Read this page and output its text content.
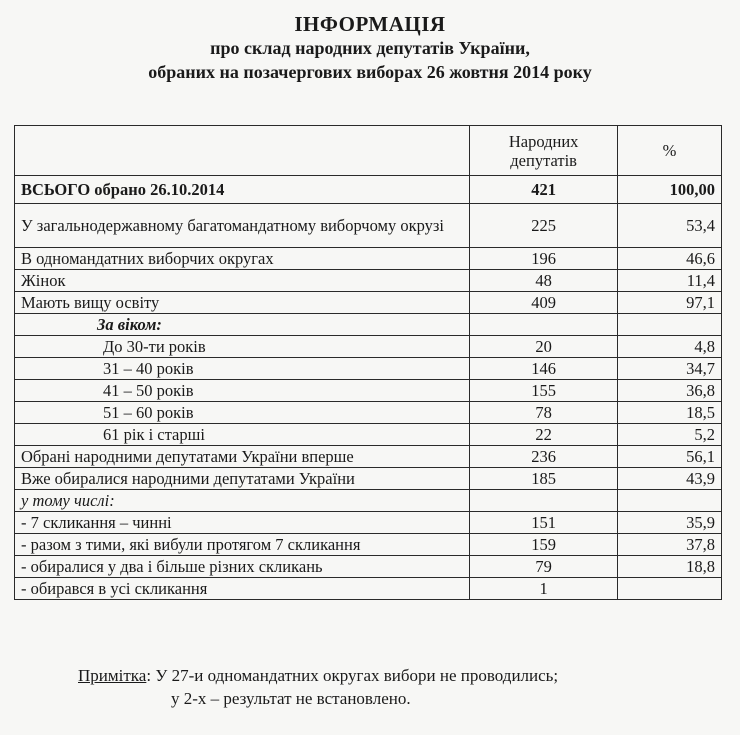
ІНФОРМАЦІЯ
про склад народних депутатів України,
обраних на позачергових виборах 26 жовтня 2014 року
	Народних депутатів	%
ВСЬОГО обрано 26.10.2014	421	100,00
У загальнодержавному багатомандатному виборчому окрузі	225	53,4
В одномандатних виборчих округах	196	46,6
Жінок	48	11,4
Мають вищу освіту	409	97,1
За віком:		
До 30-ти років	20	4,8
31 – 40 років	146	34,7
41 – 50 років	155	36,8
51 – 60 років	78	18,5
61 рік і старші	22	5,2
Обрані народними депутатами України вперше	236	56,1
Вже обиралися народними депутатами України	185	43,9
у тому числі:		
- 7 скликання – чинні	151	35,9
- разом з тими, які вибули протягом 7 скликання	159	37,8
- обиралися у два і більше різних скликань	79	18,8
- обирався в усі скликання	1	
Примітка: У 27-и одномандатних округах вибори не проводились;
у 2-х – результат не встановлено.
